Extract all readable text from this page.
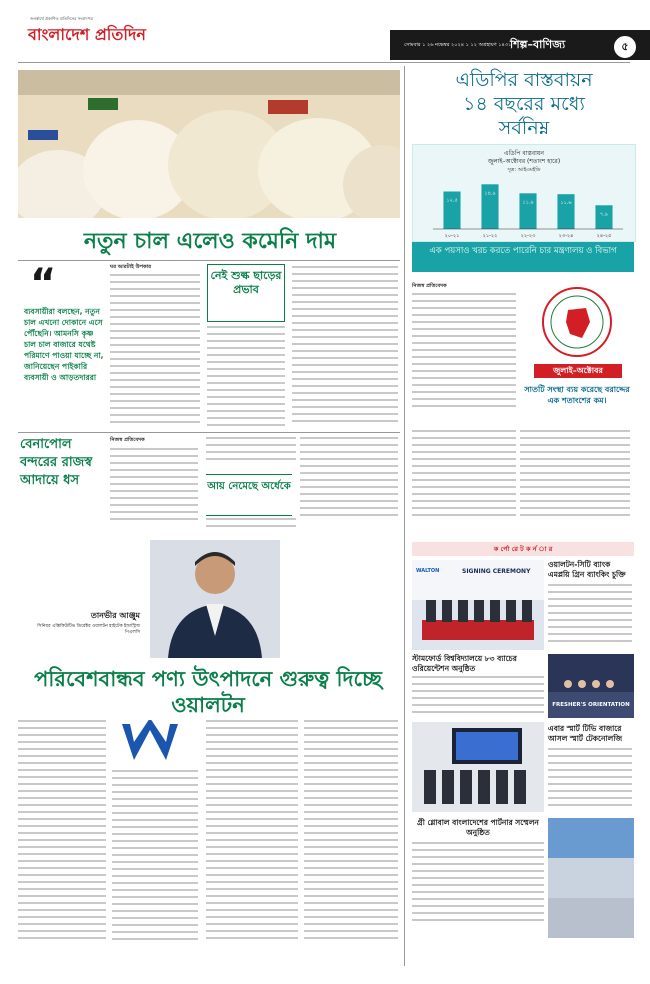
বাংলাদেশ প্রতিদিন
জনস্বার্থে প্রকাশিত প্রতিদিনের সংবাদপত্র
সোমবার ১ ২৬ নভেম্বর ২০২৪ ১ ১২ অগ্রহায়ণ ১৪৩১
শিল্প–বাণিজ্য	৫
নতুন চাল এলেও কমেনি দাম
“
ব্যবসায়ীরা বলছেন, নতুন চাল এখনো দোকানে এসে পৌঁছেনি। আমনসি কৃষ্ণ চাল চাল বাজারে যথেষ্ট পরিমাণে পাওয়া যাচ্ছে না, জানিয়েছেন পাইকারি ব্যবসায়ী ও আড়তদাররা
ঘর আরটাই উপকার
নেই শুল্ক ছাড়ের প্রভাব
বেনাপোল বন্দরের রাজস্ব আদায়ে ধস
নিজস্ব প্রতিবেদক
আয় নেমেছে অর্ধেকে
তানভীর আঞ্জুম
সিনিয়র এক্সিকিউটিভ ডিরেক্টর ওয়ালটন হাইটেক ইন্ডাস্ট্রিজ পিএলসি
পরিবেশবান্ধব পণ্য উৎপাদনে গুরুত্ব দিচ্ছে ওয়ালটন
এডিপির বাস্তবায়ন
১৪ বছরের মধ্যে
সর্বনিম্ন
এডিপি বাস্তবায়ন
জুলাই–অক্টোবর (শতাংশ হারে)
সূত্র: আইএমইডি
১২.৫
২০-২১
১৪.৯
২১-২২
১১.৯
২২-২৩
১১.৬
২৩-২৪
৭.৯
২৪-২৫
এক পয়সাও খরচ করতে পারেনি চার মন্ত্রণালয় ও বিভাগ
নিজস্ব প্রতিবেদক
জুলাই–অক্টোবর
সাতটি সংস্থা ব্যয় করেছে বরাদ্দের এক শতাংশের কম।
ক র্পো রে ট ক র্ন া র
SIGNING CEREMONY
WALTON
ওয়ালটন-সিটি ব্যাংক এমপ্লয়ি গ্রিন ব্যাংকিং চুক্তি
স্টামফোর্ড বিশ্ববিদ্যালয়ে ৮৩ ব্যাচের ওরিয়েন্টেশন অনুষ্ঠিত
FRESHER'S ORIENTATION
এবার স্মার্ট টিভি বাজারে আসল স্মার্ট টেকনোলজি
গ্রী গ্লোবাল বাংলাদেশের পার্টনার সম্মেলন অনুষ্ঠিত
